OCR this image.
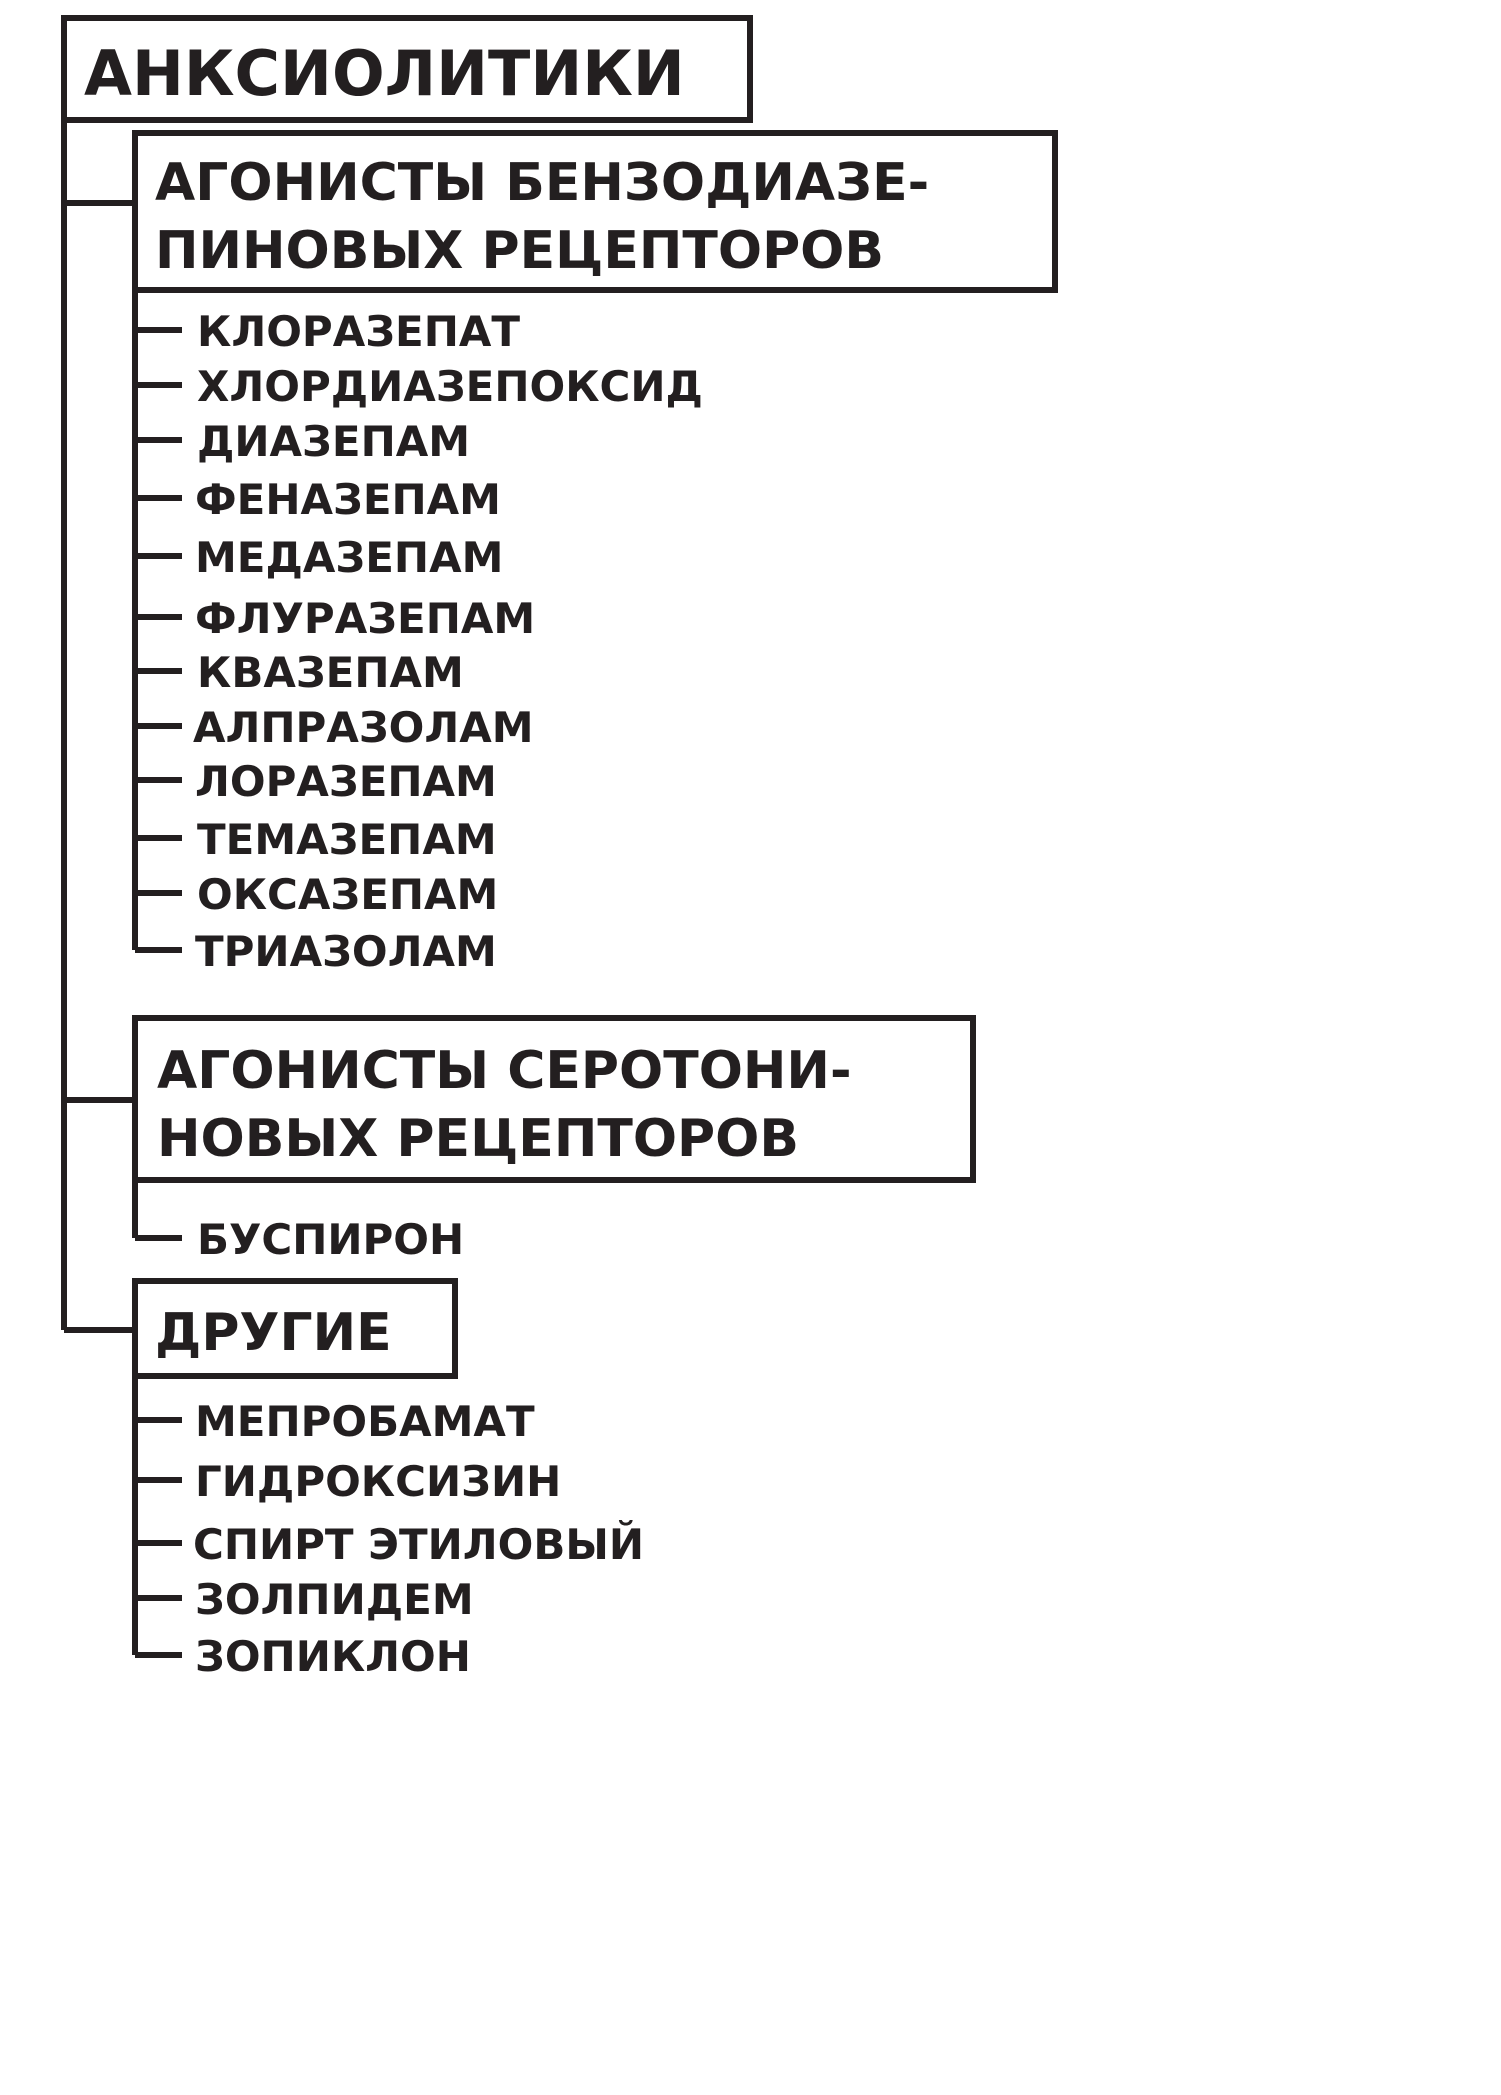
АНКСИОЛИТИКИ
АГОНИСТЫ БЕНЗОДИАЗЕ-
ПИНОВЫХ РЕЦЕПТОРОВ
КЛОРАЗЕПАТ
ХЛОРДИАЗЕПОКСИД
ДИАЗЕПАМ
ФЕНАЗЕПАМ
МЕДАЗЕПАМ
ФЛУРАЗЕПАМ
КВАЗЕПАМ
АЛПРАЗОЛАМ
ЛОРАЗЕПАМ
ТЕМАЗЕПАМ
ОКСАЗЕПАМ
ТРИАЗОЛАМ
АГОНИСТЫ СЕРОТОНИ-
НОВЫХ РЕЦЕПТОРОВ
БУСПИРОН
ДРУГИЕ
МЕПРОБАМАТ
ГИДРОКСИЗИН
СПИРТ ЭТИЛОВЫЙ
ЗОЛПИДЕМ
ЗОПИКЛОН
